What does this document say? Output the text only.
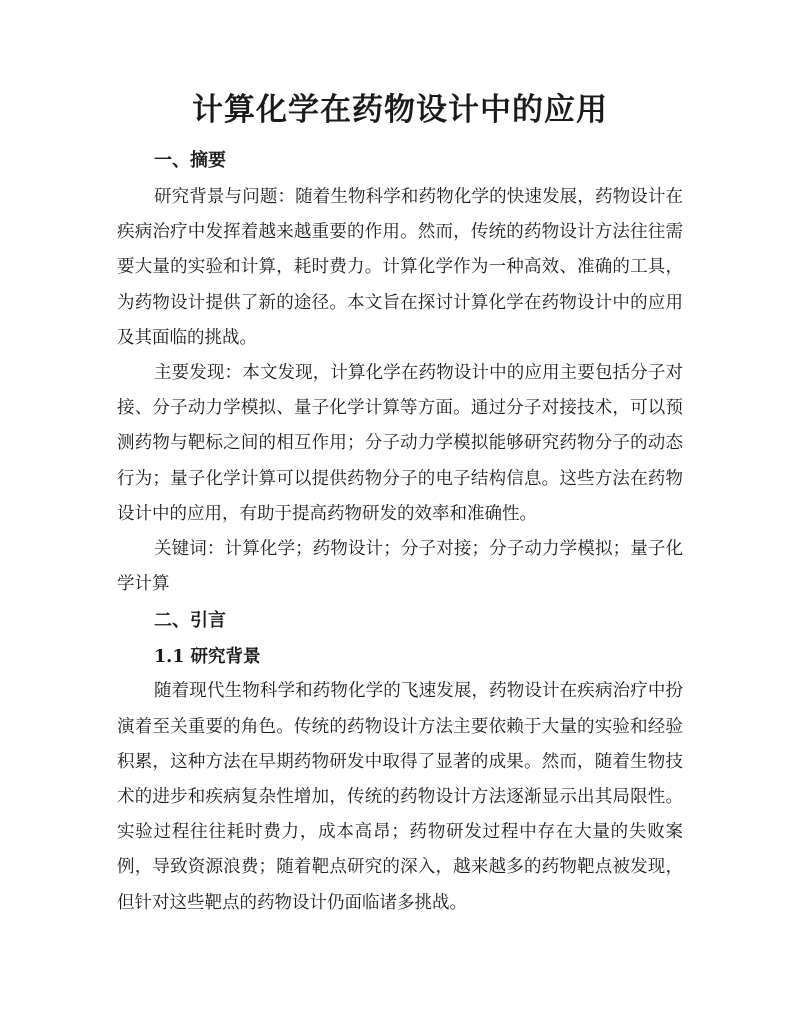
计算化学在药物设计中的应用
一、摘要

研究背景与问题：随着生物科学和药物化学的快速发展，药物设计在疾病治疗中发挥着越来越重要的作用。然而，传统的药物设计方法往往需要大量的实验和计算，耗时费力。计算化学作为一种高效、准确的工具，为药物设计提供了新的途径。本文旨在探讨计算化学在药物设计中的应用及其面临的挑战。

主要发现：本文发现，计算化学在药物设计中的应用主要包括分子对接、分子动力学模拟、量子化学计算等方面。通过分子对接技术，可以预测药物与靶标之间的相互作用；分子动力学模拟能够研究药物分子的动态行为；量子化学计算可以提供药物分子的电子结构信息。这些方法在药物设计中的应用，有助于提高药物研发的效率和准确性。

关键词：计算化学；药物设计；分子对接；分子动力学模拟；量子化学计算

二、引言
1.1 研究背景

随着现代生物科学和药物化学的飞速发展，药物设计在疾病治疗中扮演着至关重要的角色。传统的药物设计方法主要依赖于大量的实验和经验积累，这种方法在早期药物研发中取得了显著的成果。然而，随着生物技术的进步和疾病复杂性增加，传统的药物设计方法逐渐显示出其局限性。实验过程往往耗时费力，成本高昂；药物研发过程中存在大量的失败案例，导致资源浪费；随着靶点研究的深入，越来越多的药物靶点被发现，但针对这些靶点的药物设计仍面临诸多挑战。
